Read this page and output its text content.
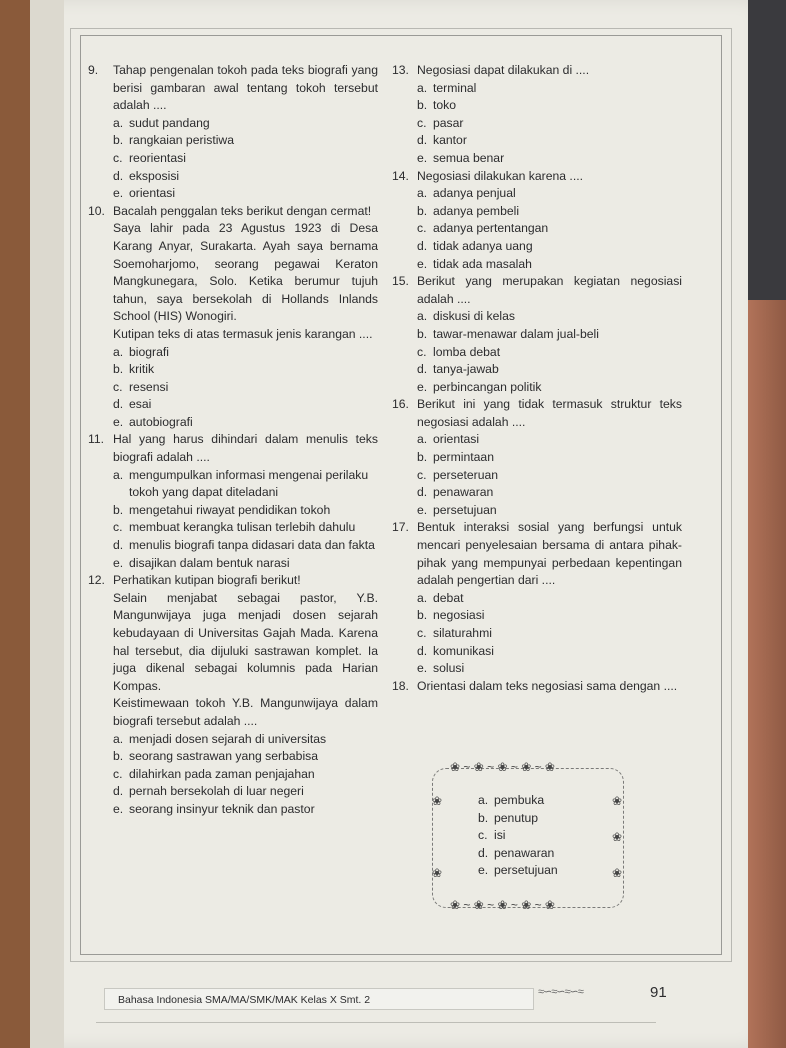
9.	Tahap pengenalan tokoh pada teks biografi yang berisi gambaran awal tentang tokoh tersebut adalah ....
a. sudut pandang
b. rangkaian peristiwa
c. reorientasi
d. eksposisi
e. orientasi
10. Bacalah penggalan teks berikut dengan cermat!
Saya lahir pada 23 Agustus 1923 di Desa Karang Anyar, Surakarta. Ayah saya bernama Soemoharjomo, seorang pegawai Keraton Mangkunegara, Solo. Ketika berumur tujuh tahun, saya bersekolah di Hollands Inlands School (HIS) Wonogiri.
Kutipan teks di atas termasuk jenis karangan ....
a. biografi
b. kritik
c. resensi
d. esai
e. autobiografi
11. Hal yang harus dihindari dalam menulis teks biografi adalah ....
a. mengumpulkan informasi mengenai perilaku tokoh yang dapat diteladani
b. mengetahui riwayat pendidikan tokoh
c. membuat kerangka tulisan terlebih dahulu
d. menulis biografi tanpa didasari data dan fakta
e. disajikan dalam bentuk narasi
12. Perhatikan kutipan biografi berikut!
Selain menjabat sebagai pastor, Y.B. Mangunwijaya juga menjadi dosen sejarah kebudayaan di Universitas Gajah Mada. Karena hal tersebut, dia dijuluki sastrawan komplet. Ia juga dikenal sebagai kolumnis pada Harian Kompas.
Keistimewaan tokoh Y.B. Mangunwijaya dalam biografi tersebut adalah ....
a. menjadi dosen sejarah di universitas
b. seorang sastrawan yang serbabisa
c. dilahirkan pada zaman penjajahan
d. pernah bersekolah di luar negeri
e. seorang insinyur teknik dan pastor
13. Negosiasi dapat dilakukan di ....
a. terminal
b. toko
c. pasar
d. kantor
e. semua benar
14. Negosiasi dilakukan karena ....
a. adanya penjual
b. adanya pembeli
c. adanya pertentangan
d. tidak adanya uang
e. tidak ada masalah
15. Berikut yang merupakan kegiatan negosiasi adalah ....
a. diskusi di kelas
b. tawar-menawar dalam jual-beli
c. lomba debat
d. tanya-jawab
e. perbincangan politik
16. Berikut ini yang tidak termasuk struktur teks negosiasi adalah ....
a. orientasi
b. permintaan
c. perseteruan
d. penawaran
e. persetujuan
17. Bentuk interaksi sosial yang berfungsi untuk mencari penyelesaian bersama di antara pihak-pihak yang mempunyai perbedaan kepentingan adalah pengertian dari ....
a. debat
b. negosiasi
c. silaturahmi
d. komunikasi
e. solusi
18. Orientasi dalam teks negosiasi sama dengan ....
❀ ~ ❀ ~ ❀ ~ ❀ ~ ❀
❀ ~ ❀ ~ ❀ ~ ❀ ~ ❀
❀
❀
❀
❀
❀
a. pembuka
b. penutup
c. isi
d. penawaran
e. persetujuan
Bahasa Indonesia SMA/MA/SMK/MAK Kelas X Smt. 2
≈∽≈∽≈∽≈	91
